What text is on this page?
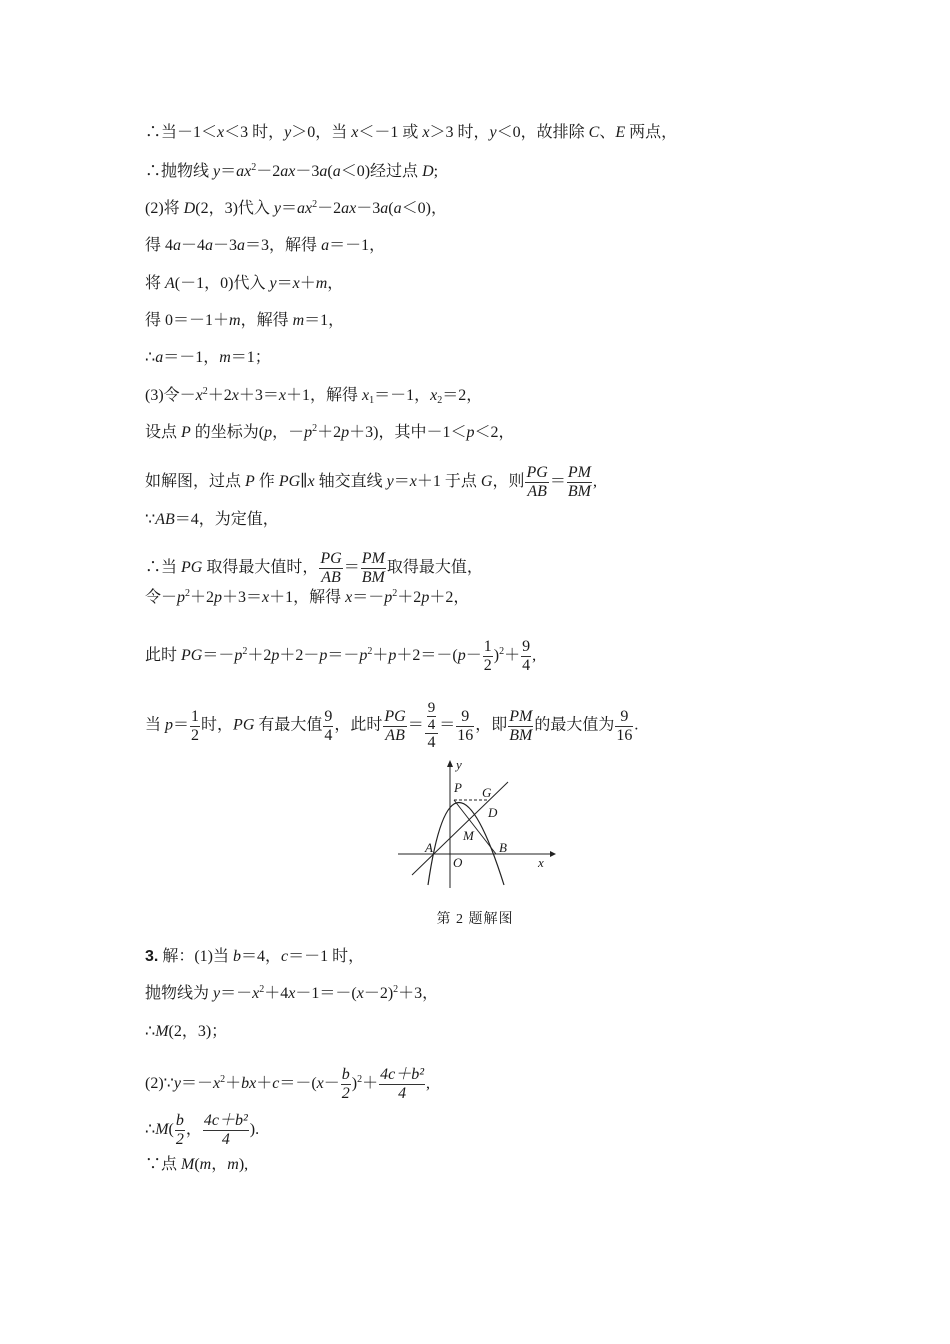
∴当－1＜x＜3 时，y＞0，当 x＜－1 或 x＞3 时，y＜0，故排除 C、E 两点，
∴抛物线 $y=ax^2-2ax-3a(a<0)$经过点 D;
(2)将 D(2，3)代入 $y=ax^2-2ax-3a(a<0)$，
得 4a－4a－3a＝3，解得 a＝－1，
将 A(－1，0)代入 y＝x＋m，
得 0＝－1＋m，解得 m＝1，
∴a＝－1，m＝1；
(3)令$-x^2+2x+3=x+1$，解得 $x_1=-1$，$x_2=2$，
设点 P 的坐标为(p，$-p^2+2p+3$)，其中－1＜p＜2，
如解图，过点 P 作 PG∥x 轴交直线 y＝x＋1 于点 G，则 $\frac{PG}{AB} = \frac{PM}{BM}$ ,
∵AB＝4，为定值，
∴当 PG 取得最大值时， $\frac{PG}{AB} = \frac{PM}{BM}$ 取得最大值，
令$-p^2+2p+3=x+1$，解得 $x=-p^2+2p+2$，
此时 $PG=-p^2+2p+2-p=-p^2+p+2=-(p- \frac{1}{2} )^2+ \frac{9}{4}$ ,
当 $p= \frac{1}{2}$ 时，PG 有最大值 $\frac{9}{4}$ ，此时 $\frac{PG}{AB} = \frac{\frac{9}{4}}{4} = \frac{9}{16}$ ，即 $\frac{PM}{BM}$ 的最大值为 $\frac{9}{16}$ .
3. 解：(1)当 b＝4，c＝－1 时，
抛物线为 $y=-x^2+4x-1=-(x-2)^2+3$，
∴M(2，3)；
$(2)\because y=-x^2+bx+c=-(x- \frac{b}{2} )^2+ \frac{\text{4c＋b²}}{4}$ ,
∴M( $\frac{b}{2}$ ， $\frac{\text{4c＋b²}}{4}$ ).
∵点 M(m，m),
y
P G
D
M
A	B
O	x
第 2 题解图
